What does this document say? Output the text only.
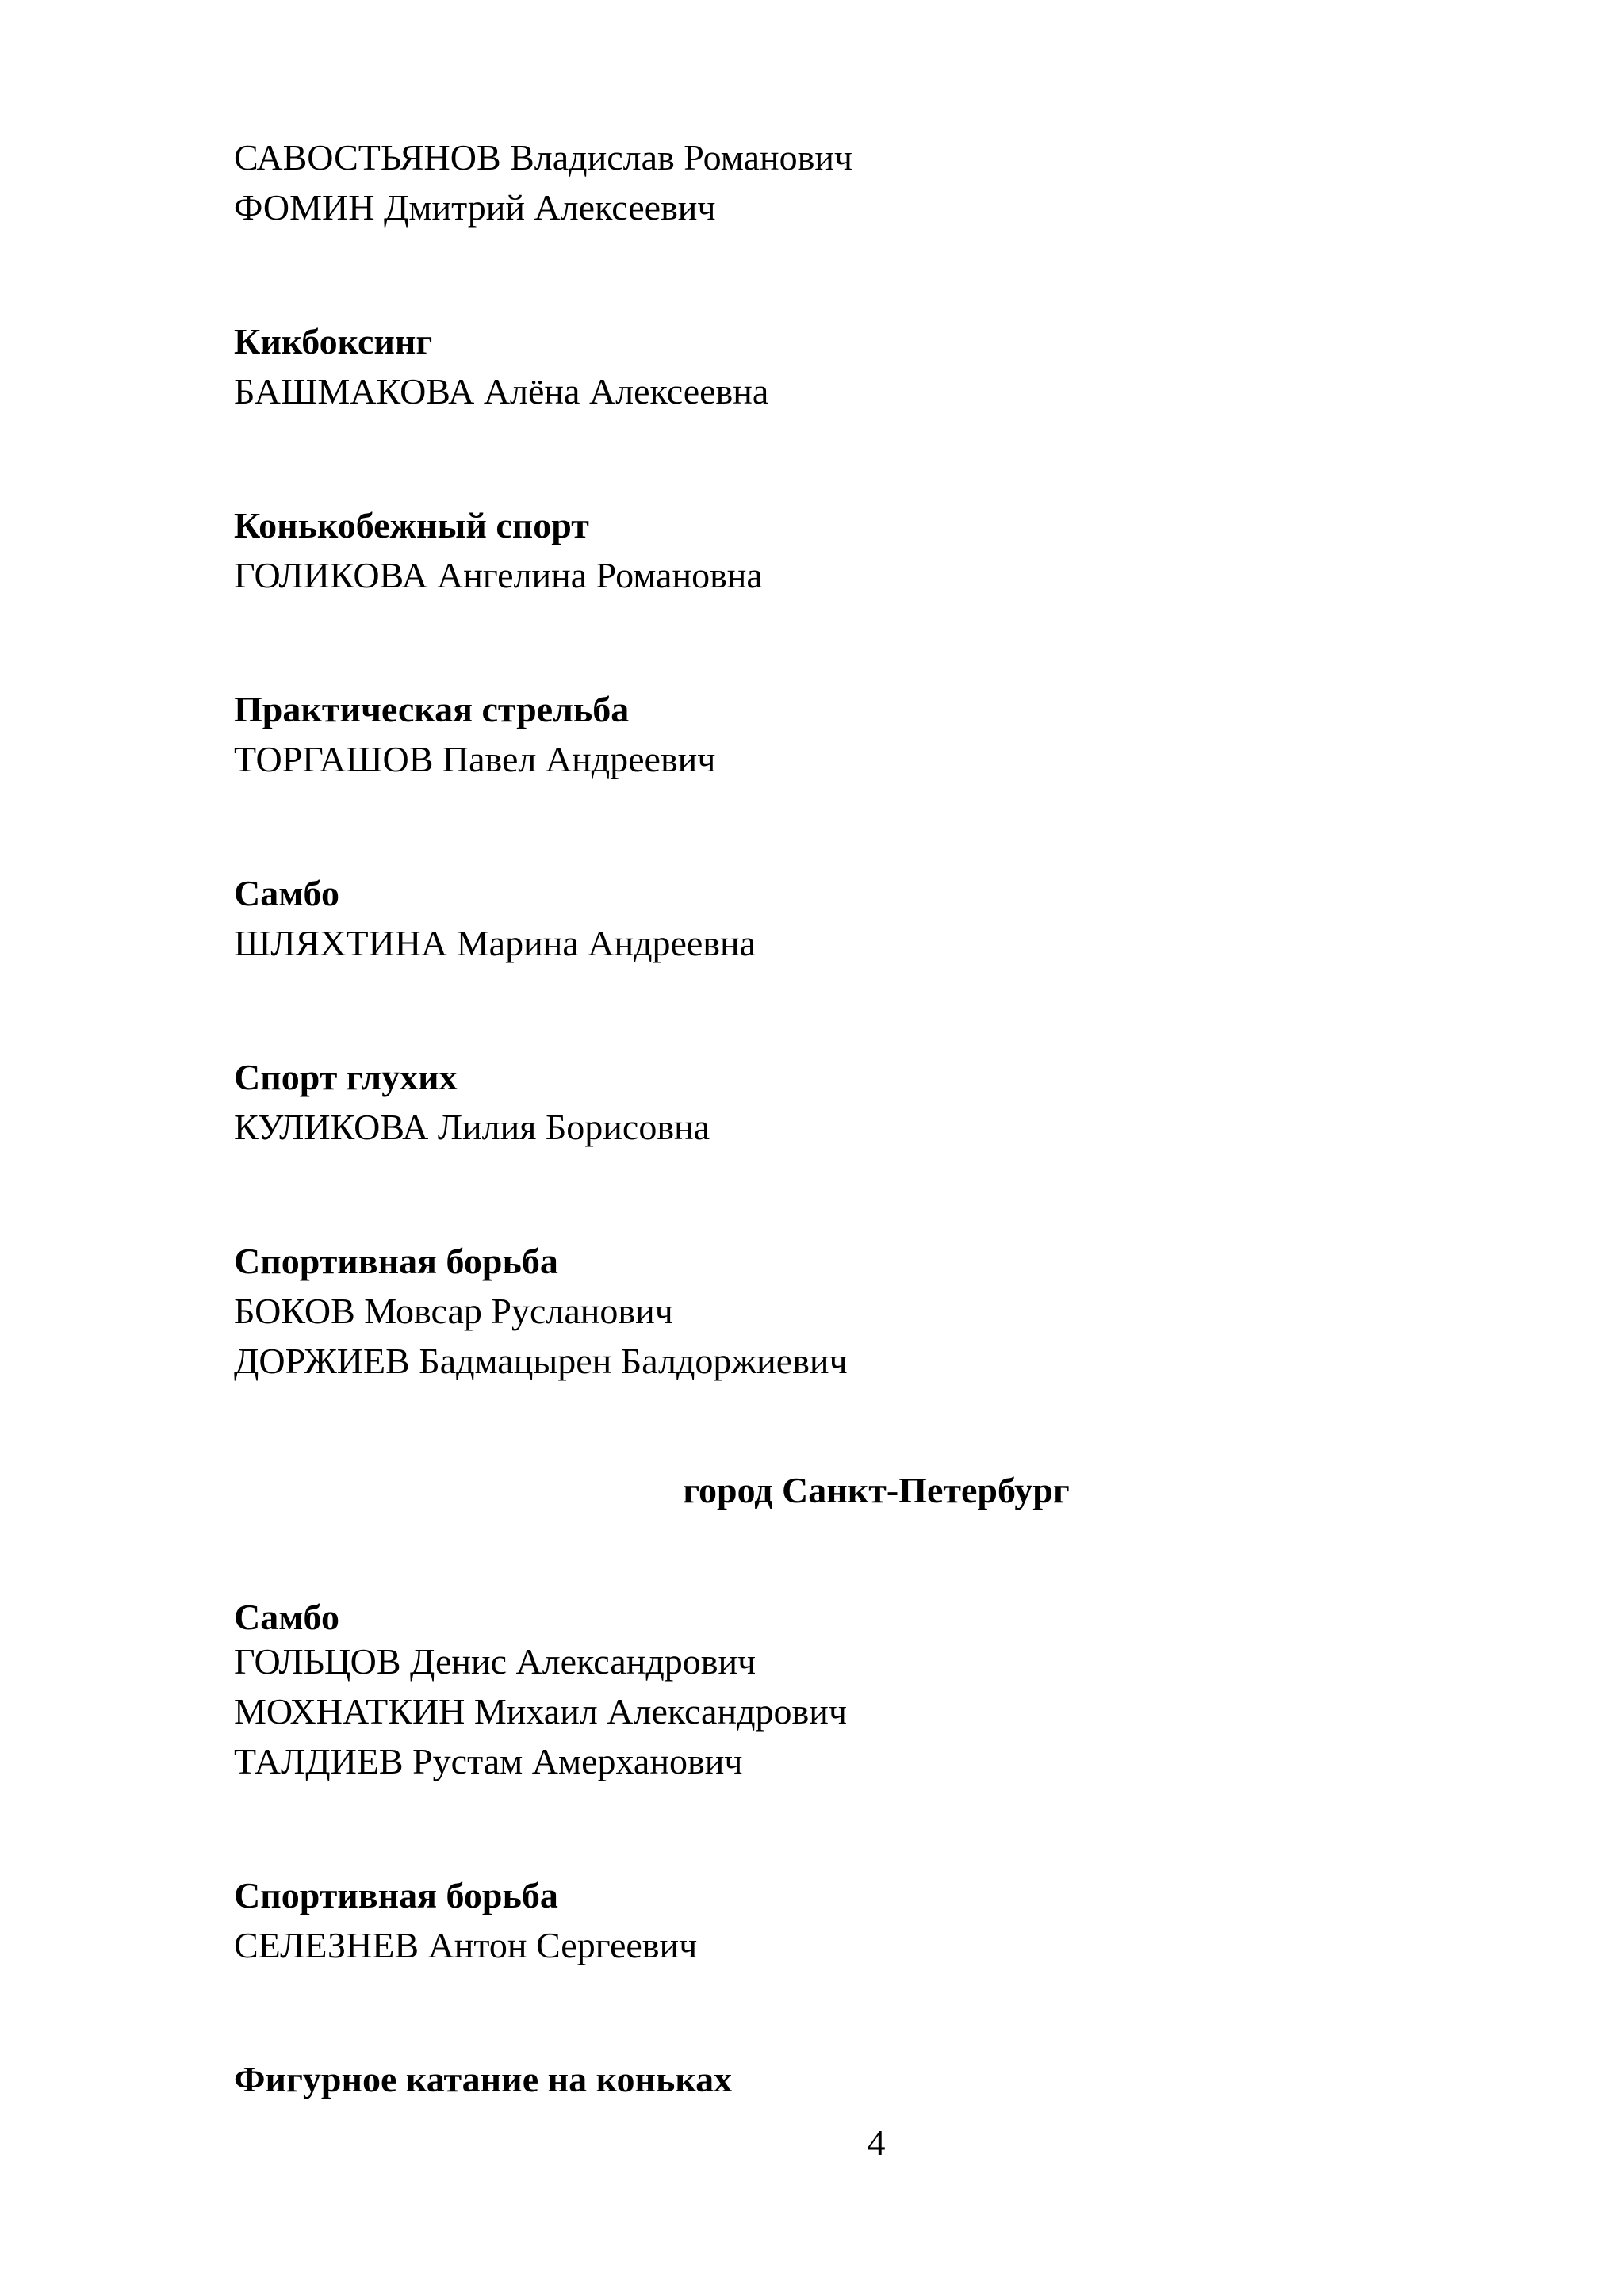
САВОСТЬЯНОВ Владислав Романович
ФОМИН Дмитрий Алексеевич
Кикбоксинг
БАШМАКОВА Алёна Алексеевна
Конькобежный спорт
ГОЛИКОВА Ангелина Романовна
Практическая стрельба
ТОРГАШОВ Павел Андреевич
Самбо
ШЛЯХТИНА Марина Андреевна
Спорт глухих
КУЛИКОВА Лилия Борисовна
Спортивная борьба
БОКОВ Мовсар Русланович
ДОРЖИЕВ Бадмацырен Балдоржиевич
город Санкт-Петербург
Самбо
ГОЛЬЦОВ Денис Александрович
МОХНАТКИН Михаил Александрович
ТАЛДИЕВ Рустам Амерханович
Спортивная борьба
СЕЛЕЗНЕВ Антон Сергеевич
Фигурное катание на коньках
4
